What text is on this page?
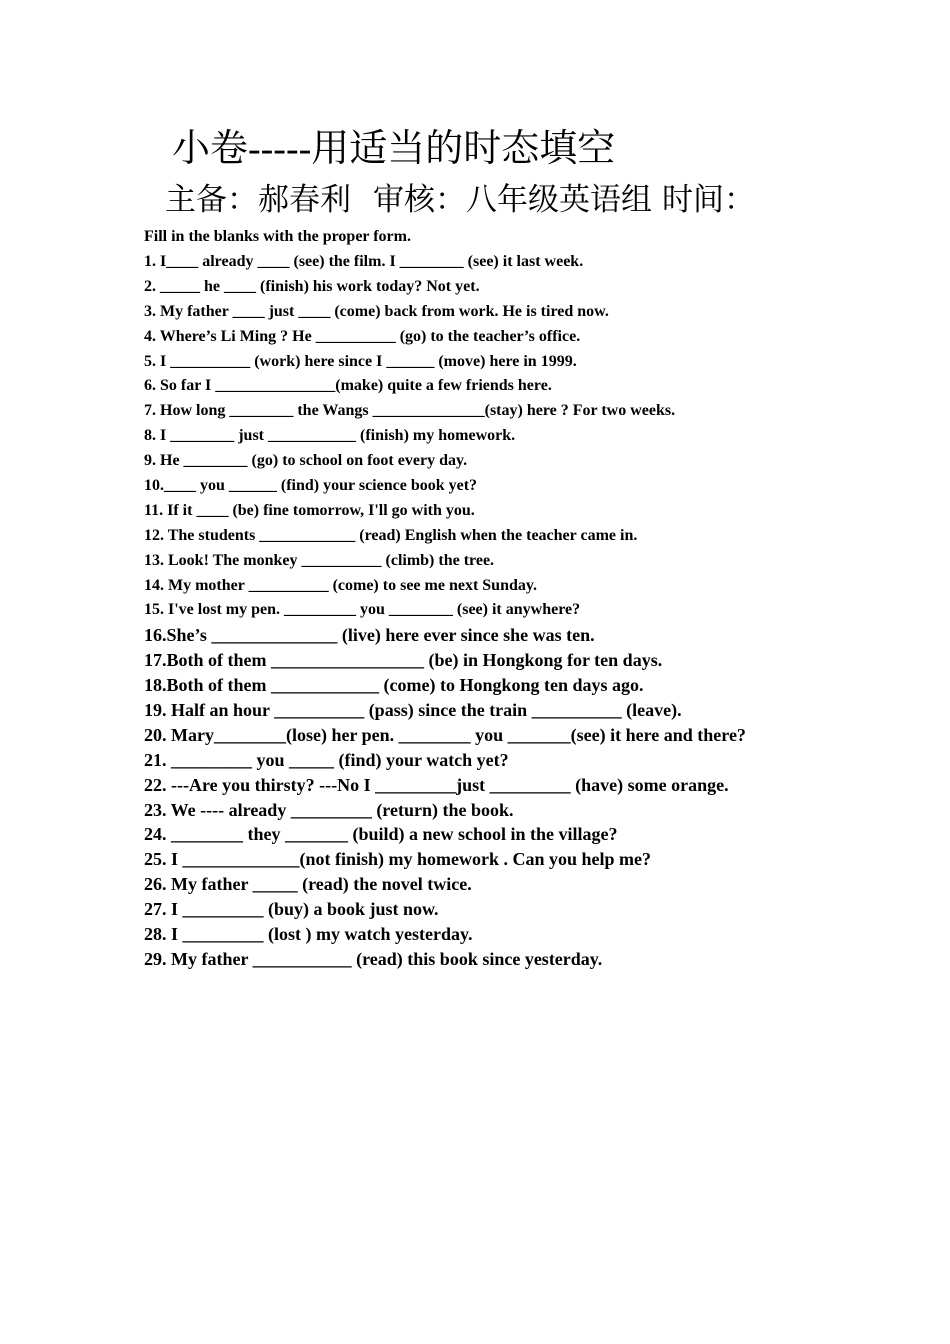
小卷-----用适当的时态填空
主备：郝春利 审核：八年级英语组 时间：
Fill in the blanks with the proper form.
1. I____ already ____ (see) the film. I ________ (see) it last week.
2. _____ he ____ (finish) his work today? Not yet.
3. My father ____ just ____ (come) back from work. He is tired now.
4. Where’s Li Ming ? He __________ (go) to the teacher’s office.
5. I __________ (work) here since I ______ (move) here in 1999.
6. So far I _______________(make) quite a few friends here.
7. How long ________ the Wangs ______________(stay) here ? For two weeks.
8. I ________ just ___________ (finish) my homework.
9. He ________ (go) to school on foot every day.
10.____ you ______ (find) your science book yet?
11. If it ____ (be) fine tomorrow, I'll go with you.
12. The students ____________ (read) English when the teacher came in.
13. Look! The monkey __________ (climb) the tree.
14. My mother __________ (come) to see me next Sunday.
15. I've lost my pen. _________ you ________ (see) it anywhere?
16.She’s ______________ (live) here ever since she was ten.
17.Both of them _________________ (be) in Hongkong for ten days.
18.Both of them ____________ (come) to Hongkong ten days ago.
19. Half an hour __________ (pass) since the train __________ (leave).
20. Mary________(lose) her pen. ________ you _______(see) it here and there?
21. _________ you _____ (find) your watch yet?
22. ---Are you thirsty? ---No I _________just _________ (have) some orange.
23. We ---- already _________ (return) the book.
24. ________ they _______ (build) a new school in the village?
25. I _____________(not finish) my homework . Can you help me?
26. My father _____ (read) the novel twice.
27. I _________ (buy) a book just now.
28. I _________ (lost ) my watch yesterday.
29. My father ___________ (read) this book since yesterday.
